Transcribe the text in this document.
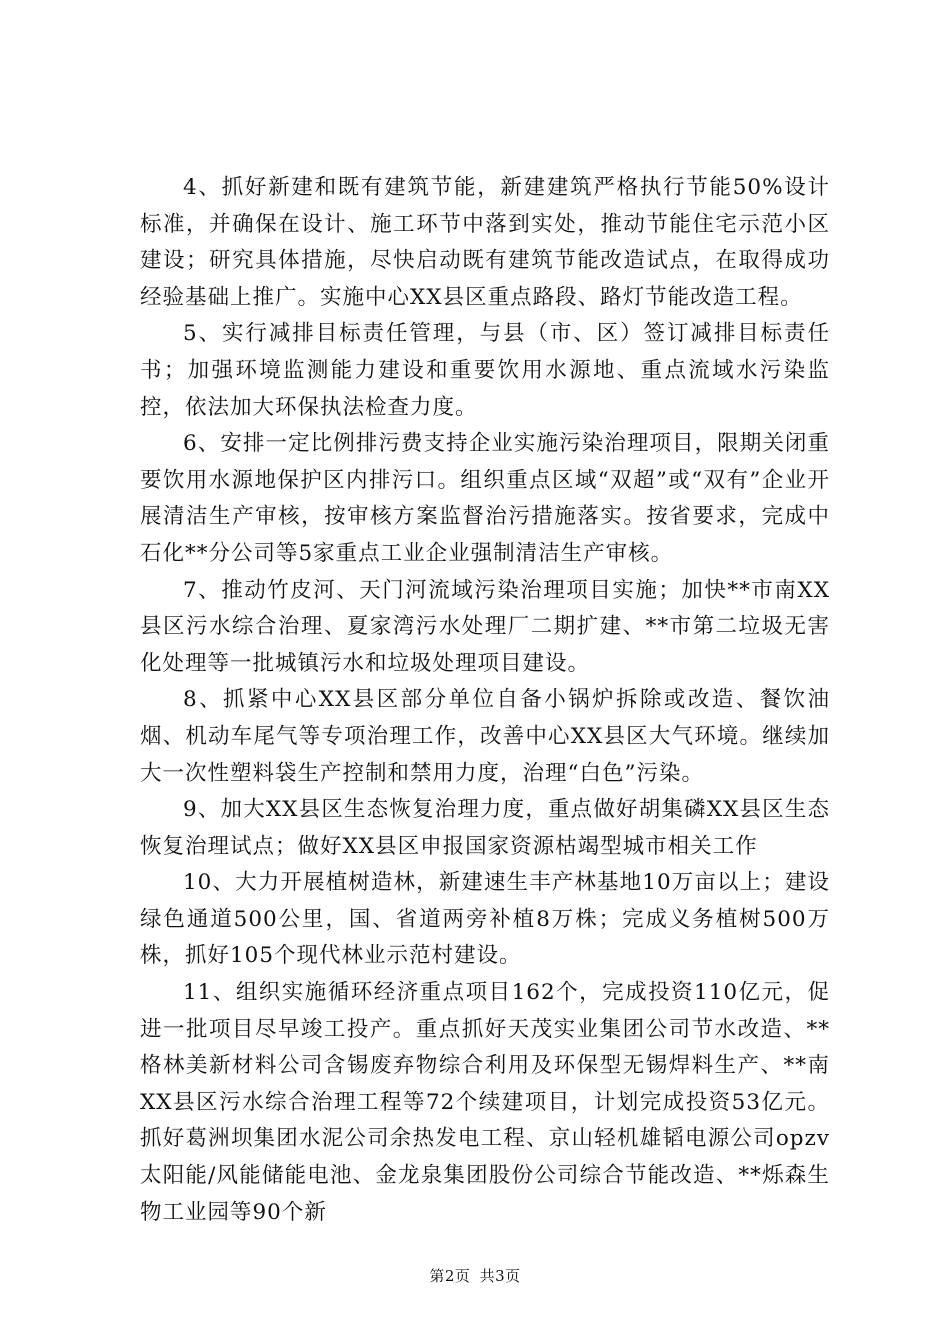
4、抓好新建和既有建筑节能，新建建筑严格执行节能50%设计标准，并确保在设计、施工环节中落到实处，推动节能住宅示范小区建设；研究具体措施，尽快启动既有建筑节能改造试点，在取得成功经验基础上推广。实施中心XX县区重点路段、路灯节能改造工程。

5、实行减排目标责任管理，与县（市、区）签订减排目标责任书；加强环境监测能力建设和重要饮用水源地、重点流域水污染监控，依法加大环保执法检查力度。

6、安排一定比例排污费支持企业实施污染治理项目，限期关闭重要饮用水源地保护区内排污口。组织重点区域“双超”或“双有”企业开展清洁生产审核，按审核方案监督治污措施落实。按省要求，完成中石化**分公司等5家重点工业企业强制清洁生产审核。

7、推动竹皮河、天门河流域污染治理项目实施；加快**市南XX县区污水综合治理、夏家湾污水处理厂二期扩建、**市第二垃圾无害化处理等一批城镇污水和垃圾处理项目建设。

8、抓紧中心XX县区部分单位自备小锅炉拆除或改造、餐饮油烟、机动车尾气等专项治理工作，改善中心XX县区大气环境。继续加大一次性塑料袋生产控制和禁用力度，治理“白色”污染。

9、加大XX县区生态恢复治理力度，重点做好胡集磷XX县区生态恢复治理试点；做好XX县区申报国家资源枯竭型城市相关工作

10、大力开展植树造林，新建速生丰产林基地10万亩以上；建设绿色通道500公里，国、省道两旁补植8万株；完成义务植树500万株，抓好105个现代林业示范村建设。

11、组织实施循环经济重点项目162个，完成投资110亿元，促进一批项目尽早竣工投产。重点抓好天茂实业集团公司节水改造、**格林美新材料公司含锡废弃物综合利用及环保型无锡焊料生产、**南XX县区污水综合治理工程等72个续建项目，计划完成投资53亿元。抓好葛洲坝集团水泥公司余热发电工程、京山轻机雄韬电源公司opzv太阳能/风能储能电池、金龙泉集团股份公司综合节能改造、**烁森生物工业园等90个新

第2页 共3页
